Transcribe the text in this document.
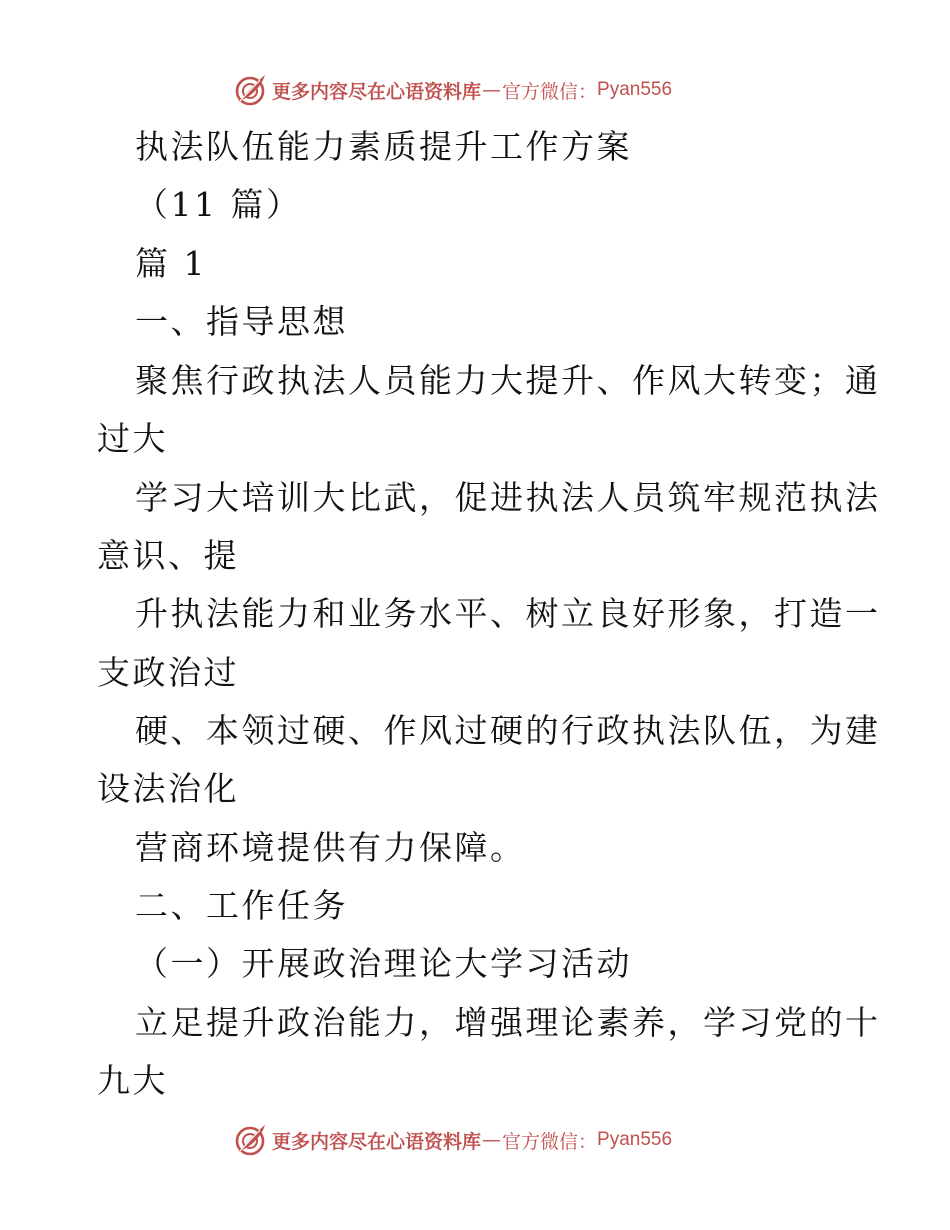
更多内容尽在心语资料库 — 官方微信： Pyan556
执法队伍能力素质提升工作方案
（11 篇）
篇 1
一、指导思想
聚焦行政执法人员能力大提升、作风大转变；通
过大
学习大培训大比武，促进执法人员筑牢规范执法
意识、提
升执法能力和业务水平、树立良好形象，打造一
支政治过
硬、本领过硬、作风过硬的行政执法队伍，为建
设法治化
营商环境提供有力保障。
二、工作任务
（一）开展政治理论大学习活动
立足提升政治能力，增强理论素养，学习党的十
九大
更多内容尽在心语资料库 — 官方微信： Pyan556
